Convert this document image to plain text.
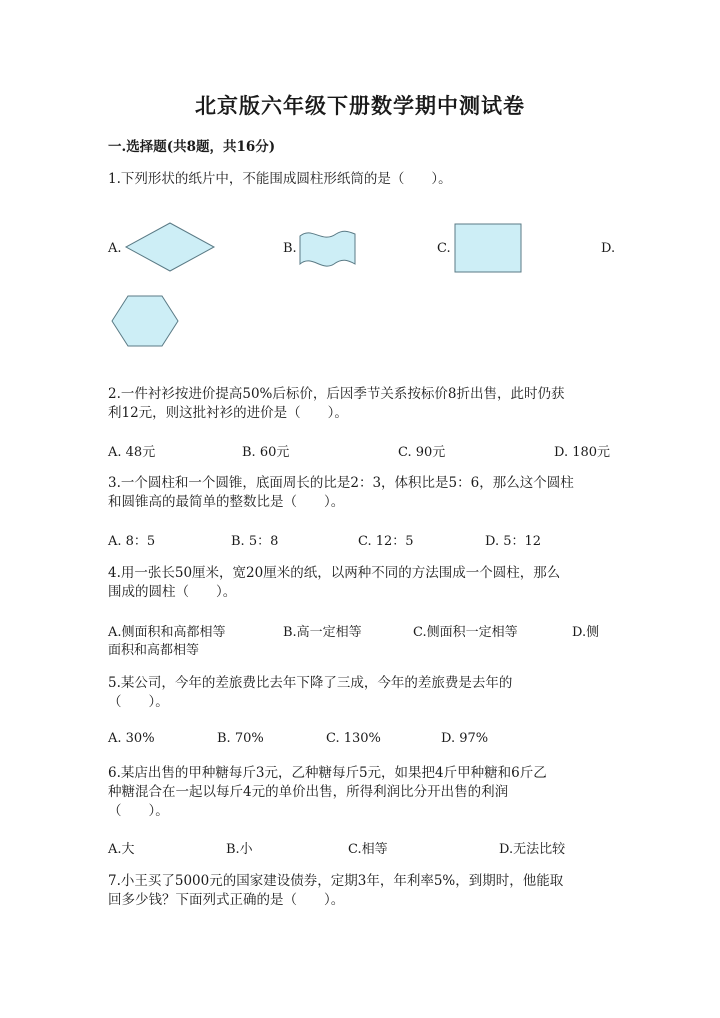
北京版六年级下册数学期中测试卷
一.选择题(共8题，共16分)
1.下列形状的纸片中，不能围成圆柱形纸筒的是（　　）。
A.	B.	C.	D.
2.一件衬衫按进价提高50%后标价，后因季节关系按标价8折出售，此时仍获
利12元，则这批衬衫的进价是（　　）。
A. 48元	B. 60元	C. 90元	D. 180元
3.一个圆柱和一个圆锥，底面周长的比是2：3，体积比是5：6，那么这个圆柱
和圆锥高的最简单的整数比是（　　）。
A. 8：5	B. 5：8	C. 12：5	D. 5：12
4.用一张长50厘米，宽20厘米的纸，以两种不同的方法围成一个圆柱，那么
围成的圆柱（　　）。
A.侧面积和高都相等	B.高一定相等	C.侧面积一定相等	D.侧
面积和高都相等
5.某公司，今年的差旅费比去年下降了三成，今年的差旅费是去年的
（　　）。
A. 30%	B. 70%	C. 130%	D. 97%
6.某店出售的甲种糖每斤3元，乙种糖每斤5元，如果把4斤甲种糖和6斤乙
种糖混合在一起以每斤4元的单价出售，所得利润比分开出售的利润
（　　）。
A.大	B.小	C.相等	D.无法比较
7.小王买了5000元的国家建设债券，定期3年，年利率5%，到期时，他能取
回多少钱？下面列式正确的是（　　）。
